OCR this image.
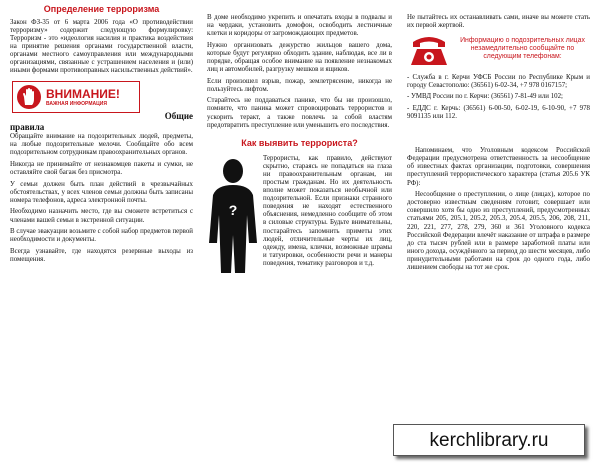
Определение терроризма

Закон ФЗ-35 от 6 марта 2006 года «О противодействии терроризму» содержит следующую формулировку: Терроризм - это «идеология насилия и практика воздействия на принятие решения органами государственной власти, органами местного самоуправления или международными организациями, связанные с устрашением населения и (или) иными формами противоправных насильственных действий».

ВНИМАНИЕ!
ВАЖНАЯ ИНФОРМАЦИЯ
Общие
правила

Обращайте внимание на подозрительных людей, предметы, на любые подозрительные мелочи. Сообщайте обо всем подозрительном сотрудникам правоохранительных органов.

Никогда не принимайте от незнакомцев пакеты и сумки, не оставляйте свой багаж без присмотра.

У семьи должен быть план действий в чрезвычайных обстоятельствах, у всех членов семьи должны быть записаны номера телефонов, адреса электронной почты.

Необходимо назначить место, где вы сможете встретиться с членами вашей семьи в экстренной ситуации.

В случае эвакуации возьмите с собой набор предметов первой необходимости и документы.

Всегда узнавайте, где находятся резервные выходы из помещения.

В доме необходимо укрепить и опечатать входы в подвалы и на чердаки, установить домофон, освободить лестничные клетки и коридоры от загромождающих предметов.

Нужно организовать дежурство жильцов вашего дома, которые будут регулярно обходить здание, наблюдая, все ли в порядке, обращая особое внимание на появление незнакомых лиц и автомобилей, разгрузку мешков и ящиков.

Если произошел взрыв, пожар, землетрясение, никогда не пользуйтесь лифтом.

Старайтесь не поддаваться панике, что бы ни произошло, помните, что паника может спровоцировать террористов и ускорить теракт, а также повлечь за собой властям предотвратить преступление или уменьшить его последствия.

Как выявить террориста?

?

Террористы, как правило, действуют скрытно, стараясь не попадаться на глаза ни правоохранительным органам, ни простым гражданам. Но их деятельность вполне может показаться необычной или подозрительной. Если признаки странного поведения не находят естественного объяснения, немедленно сообщите об этом в силовые структуры. Будьте внимательны, постарайтесь запомнить приметы этих людей, отличительные черты их лиц, одежду, имена, клички, возможные шрамы и татуировки, особенности речи и манеры поведения, тематику разговоров и т.д.

Не пытайтесь их останавливать сами, иначе вы можете стать их первой жертвой.

Информацию о подозрительных лицах незамедлительно сообщайте по следующим телефонам:

- Служба в г. Керчи УФСБ России по Республике Крым и городу Севастополю: (36561) 6-02-34, +7 978 0167157;

- УМВД России по г. Керчи: (36561) 7-81-49 или 102;

- ЕДДС г. Керчь: (36561) 6-00-50, 6-02-19, 6-10-90, +7 978 9091135 или 112.

Напоминаем, что Уголовным кодексом Российской Федерации предусмотрена ответственность за несообщение об известных фактах организации, подготовки, совершения преступлений террористического характера (статья 205.6 УК РФ):

Несообщение о преступлении, о лице (лицах), которое по достоверно известным сведениям готовит, совершает или совершило хотя бы одно из преступлений, предусмотренных статьями 205, 205.1, 205.2, 205.3, 205.4, 205.5, 206, 208, 211, 220, 221, 277, 278, 279, 360 и 361 Уголовного кодекса Российской Федерации влечёт наказание от штрафа в размере до ста тысяч рублей или в размере заработной платы или иного дохода, осуждённого за период до шести месяцев, либо принудительными работами на срок до одного года, либо лишением свободы на тот же срок.

kerchlibrary.ru
